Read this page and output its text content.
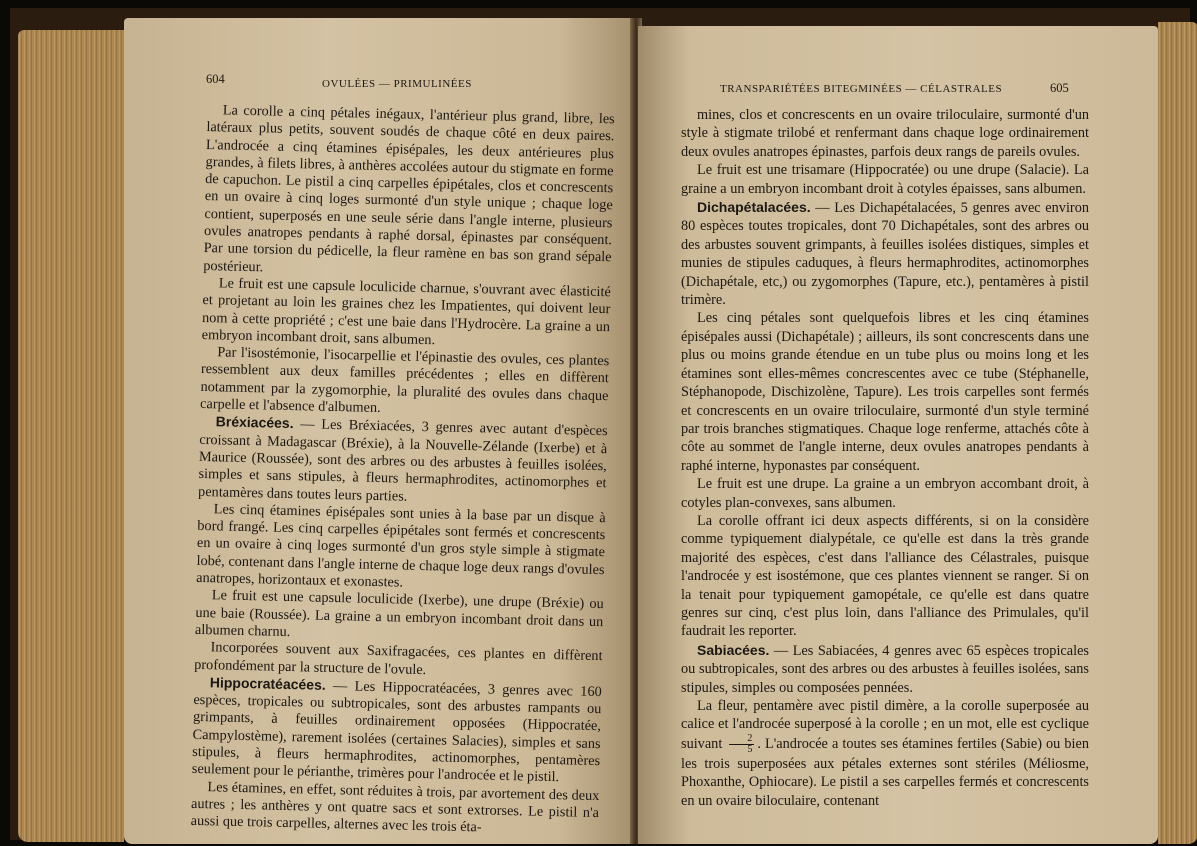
604	OVULÉES — PRIMULINÉES

La corolle a cinq pétales inégaux, l'antérieur plus grand, libre, les latéraux plus petits, souvent soudés de chaque côté en deux paires. L'androcée a cinq étamines épisépales, les deux antérieures plus grandes, à filets libres, à anthères accolées autour du stigmate en forme de capuchon. Le pistil a cinq carpelles épipétales, clos et concrescents en un ovaire à cinq loges surmonté d'un style unique ; chaque loge contient, superposés en une seule série dans l'angle interne, plusieurs ovules anatropes pendants à raphé dorsal, épinastes par conséquent. Par une torsion du pédicelle, la fleur ramène en bas son grand sépale postérieur.

Le fruit est une capsule loculicide charnue, s'ouvrant avec élasticité et projetant au loin les graines chez les Impatientes, qui doivent leur nom à cette propriété ; c'est une baie dans l'Hydrocère. La graine a un embryon incombant droit, sans albumen.

Par l'isostémonie, l'isocarpellie et l'épinastie des ovules, ces plantes ressemblent aux deux familles précédentes ; elles en diffèrent notamment par la zygomorphie, la pluralité des ovules dans chaque carpelle et l'absence d'albumen.

Bréxiacées. — Les Bréxiacées, 3 genres avec autant d'espèces croissant à Madagascar (Bréxie), à la Nouvelle-Zélande (Ixerbe) et à Maurice (Roussée), sont des arbres ou des arbustes à feuilles isolées, simples et sans stipules, à fleurs hermaphrodites, actinomorphes et pentamères dans toutes leurs parties.

Les cinq étamines épisépales sont unies à la base par un disque à bord frangé. Les cinq carpelles épipétales sont fermés et concrescents en un ovaire à cinq loges surmonté d'un gros style simple à stigmate lobé, contenant dans l'angle interne de chaque loge deux rangs d'ovules anatropes, horizontaux et exonastes.

Le fruit est une capsule loculicide (Ixerbe), une drupe (Bréxie) ou une baie (Roussée). La graine a un embryon incombant droit dans un albumen charnu.

Incorporées souvent aux Saxifragacées, ces plantes en diffèrent profondément par la structure de l'ovule.

Hippocratéacées. — Les Hippocratéacées, 3 genres avec 160 espèces, tropicales ou subtropicales, sont des arbustes rampants ou grimpants, à feuilles ordinairement opposées (Hippocratée, Campylostème), rarement isolées (certaines Salacies), simples et sans stipules, à fleurs hermaphrodites, actinomorphes, pentamères seulement pour le périanthe, trimères pour l'androcée et le pistil.

Les étamines, en effet, sont réduites à trois, par avortement des deux autres ; les anthères y ont quatre sacs et sont extrorses. Le pistil n'a aussi que trois carpelles, alternes avec les trois éta-

TRANSPARIÉTÉES BITEGMINÉES — CÉLASTRALES	605

mines, clos et concrescents en un ovaire triloculaire, surmonté d'un style à stigmate trilobé et renfermant dans chaque loge ordinairement deux ovules anatropes épinastes, parfois deux rangs de pareils ovules.

Le fruit est une trisamare (Hippocratée) ou une drupe (Salacie). La graine a un embryon incombant droit à cotyles épaisses, sans albumen.

Dichapétalacées. — Les Dichapétalacées, 5 genres avec environ 80 espèces toutes tropicales, dont 70 Dichapétales, sont des arbres ou des arbustes souvent grimpants, à feuilles isolées distiques, simples et munies de stipules caduques, à fleurs hermaphrodites, actinomorphes (Dichapétale, etc,) ou zygomorphes (Tapure, etc.), pentamères à pistil trimère.

Les cinq pétales sont quelquefois libres et les cinq étamines épisépales aussi (Dichapétale) ; ailleurs, ils sont concrescents dans une plus ou moins grande étendue en un tube plus ou moins long et les étamines sont elles-mêmes concrescentes avec ce tube (Stéphanelle, Stéphanopode, Dischizolène, Tapure). Les trois carpelles sont fermés et concrescents en un ovaire triloculaire, surmonté d'un style terminé par trois branches stigmatiques. Chaque loge renferme, attachés côte à côte au sommet de l'angle interne, deux ovules anatropes pendants à raphé interne, hyponastes par conséquent.

Le fruit est une drupe. La graine a un embryon accombant droit, à cotyles plan-convexes, sans albumen.

La corolle offrant ici deux aspects différents, si on la considère comme typiquement dialypétale, ce qu'elle est dans la très grande majorité des espèces, c'est dans l'alliance des Célastrales, puisque l'androcée y est isostémone, que ces plantes viennent se ranger. Si on la tenait pour typiquement gamopétale, ce qu'elle est dans quatre genres sur cinq, c'est plus loin, dans l'alliance des Primulales, qu'il faudrait les reporter.

Sabiacées. — Les Sabiacées, 4 genres avec 65 espèces tropicales ou subtropicales, sont des arbres ou des arbustes à feuilles isolées, sans stipules, simples ou composées pennées.

La fleur, pentamère avec pistil dimère, a la corolle superposée au calice et l'androcée superposé à la corolle ; en un mot, elle est cyclique suivant $\frac{2}{5}$ . L'androcée a toutes ses étamines fertiles (Sabie) ou bien les trois superposées aux pétales externes sont stériles (Méliosme, Phoxanthe, Ophiocare). Le pistil a ses carpelles fermés et concrescents en un ovaire biloculaire, contenant
